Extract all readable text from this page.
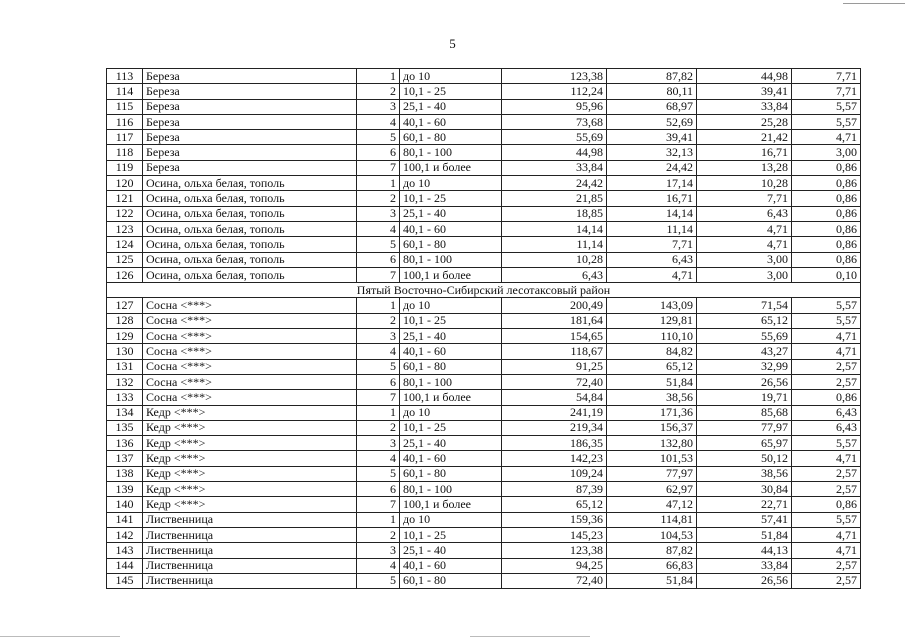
5
113	Береза	1	до 10	123,38	87,82	44,98	7,71
114	Береза	2	10,1 - 25	112,24	80,11	39,41	7,71
115	Береза	3	25,1 - 40	95,96	68,97	33,84	5,57
116	Береза	4	40,1 - 60	73,68	52,69	25,28	5,57
117	Береза	5	60,1 - 80	55,69	39,41	21,42	4,71
118	Береза	6	80,1 - 100	44,98	32,13	16,71	3,00
119	Береза	7	100,1 и более	33,84	24,42	13,28	0,86
120	Осина, ольха белая, тополь	1	до 10	24,42	17,14	10,28	0,86
121	Осина, ольха белая, тополь	2	10,1 - 25	21,85	16,71	7,71	0,86
122	Осина, ольха белая, тополь	3	25,1 - 40	18,85	14,14	6,43	0,86
123	Осина, ольха белая, тополь	4	40,1 - 60	14,14	11,14	4,71	0,86
124	Осина, ольха белая, тополь	5	60,1 - 80	11,14	7,71	4,71	0,86
125	Осина, ольха белая, тополь	6	80,1 - 100	10,28	6,43	3,00	0,86
126	Осина, ольха белая, тополь	7	100,1 и более	6,43	4,71	3,00	0,10
Пятый Восточно-Сибирский лесотаксовый район							
127	Сосна <***>	1	до 10	200,49	143,09	71,54	5,57
128	Сосна <***>	2	10,1 - 25	181,64	129,81	65,12	5,57
129	Сосна <***>	3	25,1 - 40	154,65	110,10	55,69	4,71
130	Сосна <***>	4	40,1 - 60	118,67	84,82	43,27	4,71
131	Сосна <***>	5	60,1 - 80	91,25	65,12	32,99	2,57
132	Сосна <***>	6	80,1 - 100	72,40	51,84	26,56	2,57
133	Сосна <***>	7	100,1 и более	54,84	38,56	19,71	0,86
134	Кедр <***>	1	до 10	241,19	171,36	85,68	6,43
135	Кедр <***>	2	10,1 - 25	219,34	156,37	77,97	6,43
136	Кедр <***>	3	25,1 - 40	186,35	132,80	65,97	5,57
137	Кедр <***>	4	40,1 - 60	142,23	101,53	50,12	4,71
138	Кедр <***>	5	60,1 - 80	109,24	77,97	38,56	2,57
139	Кедр <***>	6	80,1 - 100	87,39	62,97	30,84	2,57
140	Кедр <***>	7	100,1 и более	65,12	47,12	22,71	0,86
141	Лиственница	1	до 10	159,36	114,81	57,41	5,57
142	Лиственница	2	10,1 - 25	145,23	104,53	51,84	4,71
143	Лиственница	3	25,1 - 40	123,38	87,82	44,13	4,71
144	Лиственница	4	40,1 - 60	94,25	66,83	33,84	2,57
145	Лиственница	5	60,1 - 80	72,40	51,84	26,56	2,57
